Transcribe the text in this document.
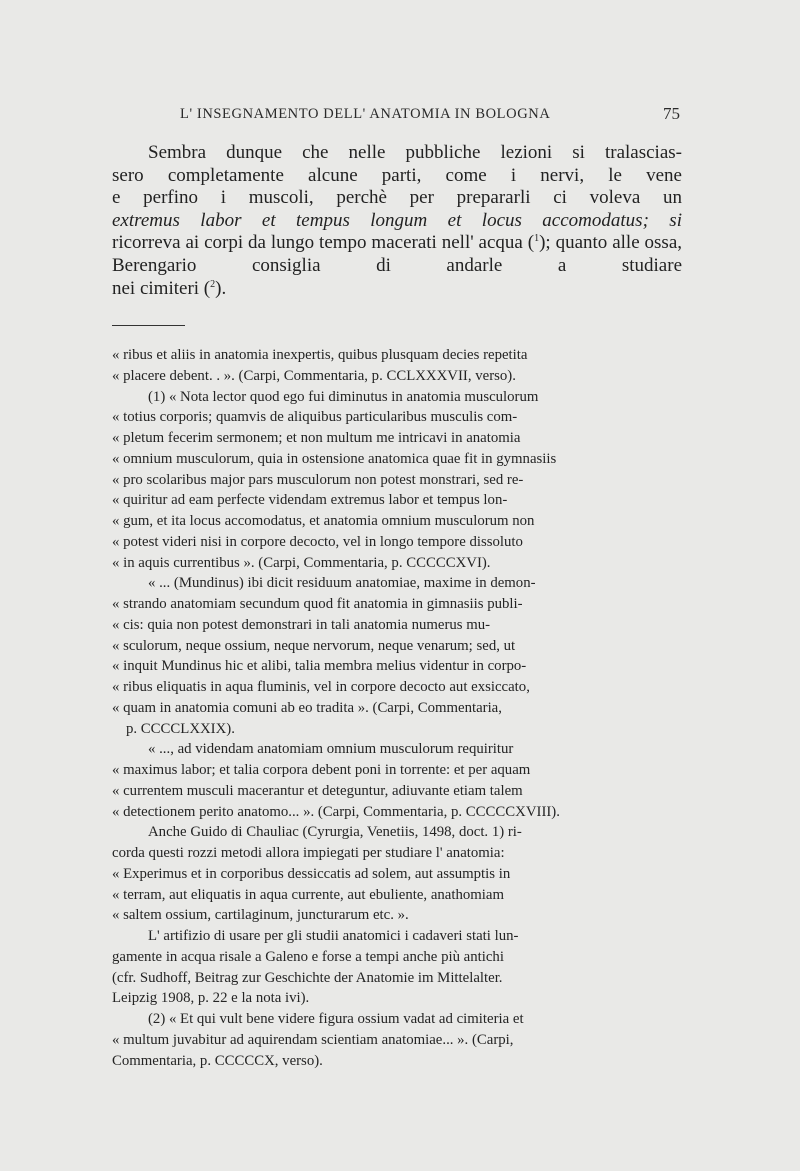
L' INSEGNAMENTO DELL' ANATOMIA IN BOLOGNA	75
Sembra dunque che nelle pubbliche lezioni si tralascias-
sero completamente alcune parti, come i nervi, le vene
e perfino i muscoli, perchè per prepararli ci voleva un
extremus labor et tempus longum et locus accomodatus; si
ricorreva ai corpi da lungo tempo macerati nell' acqua ($^1$); quanto alle ossa, Berengario consiglia di andarle a studiare
nei cimiteri ($^2$).
« ribus et aliis in anatomia inexpertis, quibus plusquam decies repetita
« placere debent. . ». (Carpi, Commentaria, p. CCLXXXVII, verso).
(1) « Nota lector quod ego fui diminutus in anatomia musculorum
« totius corporis; quamvis de aliquibus particularibus musculis com-
« pletum fecerim sermonem; et non multum me intricavi in anatomia
« omnium musculorum, quia in ostensione anatomica quae fit in gymnasiis
« pro scolaribus major pars musculorum non potest monstrari, sed re-
« quiritur ad eam perfecte videndam extremus labor et tempus lon-
« gum, et ita locus accomodatus, et anatomia omnium musculorum non
« potest videri nisi in corpore decocto, vel in longo tempore dissoluto
« in aquis currentibus ». (Carpi, Commentaria, p. CCCCCXVI).
« ... (Mundinus) ibi dicit residuum anatomiae, maxime in demon-
« strando anatomiam secundum quod fit anatomia in gimnasiis publi-
« cis: quia non potest demonstrari in tali anatomia numerus mu-
« sculorum, neque ossium, neque nervorum, neque venarum; sed, ut
« inquit Mundinus hic et alibi, talia membra melius videntur in corpo-
« ribus eliquatis in aqua fluminis, vel in corpore decocto aut exsiccato,
« quam in anatomia comuni ab eo tradita ». (Carpi, Commentaria,
p. CCCCLXXIX).
« ..., ad videndam anatomiam omnium musculorum requiritur
« maximus labor; et talia corpora debent poni in torrente: et per aquam
« currentem musculi macerantur et deteguntur, adiuvante etiam talem
« detectionem perito anatomo... ». (Carpi, Commentaria, p. CCCCCXVIII).
Anche Guido di Chauliac (Cyrurgia, Venetiis, 1498, doct. 1) ri-
corda questi rozzi metodi allora impiegati per studiare l' anatomia:
« Experimus et in corporibus dessiccatis ad solem, aut assumptis in
« terram, aut eliquatis in aqua currente, aut ebuliente, anathomiam
« saltem ossium, cartilaginum, juncturarum etc. ».
L' artifizio di usare per gli studii anatomici i cadaveri stati lun-
gamente in acqua risale a Galeno e forse a tempi anche più antichi
(cfr. Sudhoff, Beitrag zur Geschichte der Anatomie im Mittelalter.
Leipzig 1908, p. 22 e la nota ivi).
(2) « Et qui vult bene videre figura ossium vadat ad cimiteria et
« multum juvabitur ad aquirendam scientiam anatomiae... ». (Carpi,
Commentaria, p. CCCCCX, verso).
